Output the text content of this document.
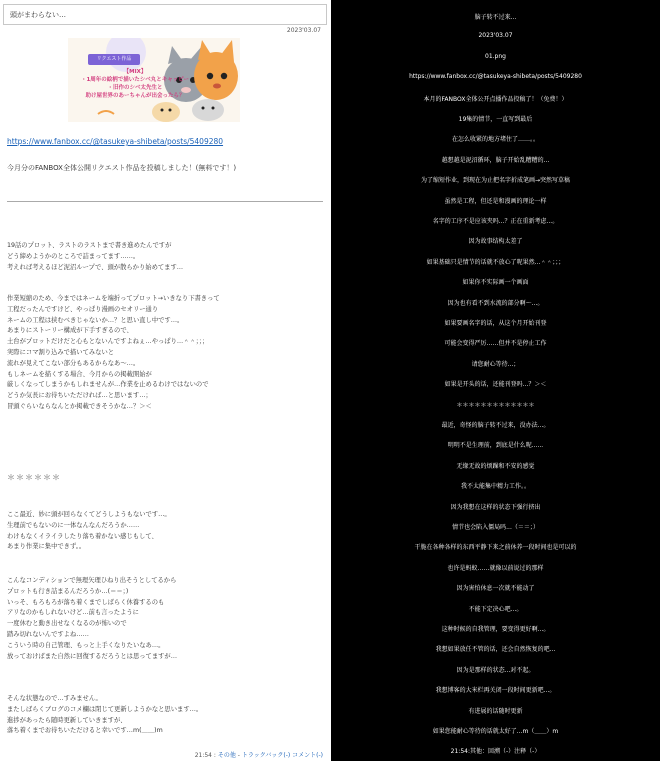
頭がまわらない…
2023'03.07
リクエスト作品
【MIX】
・1周年の絵柄で描いたシベ丸とキャッピー
・旧作のシベ太先生と
助け屋世界のあーちゃんが出会ったら？
https://www.fanbox.cc/@tasukeya-shibeta/posts/5409280
今月分のFANBOX全体公開リクエスト作品を投稿しました！(無料です！)
19話のプロット、ラストのラストまで書き進めたんですが
どう締めようかのところで詰まってます……。
考えれば考えるほど泥沼ループで、頭が散らかり始めてます…
作業短縮のため、今まではネームを端折ってプロット→いきなり下書きって
工程だったんですけど、やっぱり漫画のセオリー通り
ネームの工程は挟むべきじゃないか…？と思い直し中です…。
あまりにストーリー構成が下手すぎるので、
土台がプロットだけだと心もとないんですよねぇ…やっぱり…＾＾；；；
実際にコマ割り込みで描いてみないと
流れが見えてこない部分もあるからなあ〜…。
もしネームを描くする場合、今月からの掲載開始が
厳しくなってしまうかもしれませんが…作業を止めるわけではないので
どうか気長にお待ちいただければ…と思います…；
冒頭ぐらいならなんとか掲載できそうかな…？＞＜
＊＊＊＊＊＊
ここ最近、妙に頭が回らなくてどうしようもないです…。
生理前でもないのに一体なんなんだろうか……
わけもなくイライラしたり落ち着かない感じもして、
あまり作業に集中できず。。
こんなコンディションで無理矢理ひねり出そうとしてるから
プロットも行き詰まるんだろうか…(＝＝；)
いっそ、もろもろが落ち着くまでしばらく休養するのも
アリなのかもしれないけど…前も言ったように
一度休むと動き出せなくなるのが怖いので
踏み切れないんですよね……
こういう時の自己管理、もっと上手くなりたいなあ…。
放っておけばまた自然に回復するだろうとは思ってますが…
そんな状態なので…すみません。
またしばらくブログのコメ欄は閉じて更新しようかなと思います…。
進捗があったら随時更新していきますが、
落ち着くまでお待ちいただけると幸いです…m(＿＿)m
21:54 : その他 - トラックバック(-) コメント(-)
脑子转不过来...
2023'03.07
01.png
https://www.fanbox.cc/@tasukeya-shibeta/posts/5409280
本月的FANBOX全体公开点播作品投稿了！（免费！）
19集的情节，一直写到最后
在怎么收紧的地方堵住了……。。
越想越是泥沼循环，脑子开始乱糟糟的...
为了缩短作业，到现在为止把名字折成笔画→突然写草稿
虽然是工程，但还是和漫画的理论一样
名字的工序不是应该夹吗...？正在重新考虑...。
因为故事结构太差了
如果基础只是情节的话就不放心了呢果然...＾＾；；；
如果你不实际画一个画面
因为也有看不到水流的部分啊～...。
如果要画名字的话，从这个月开始刊登
可能会变得严厉……但并不是停止工作
请您耐心等待...；
如果是开头的话，还能刊登吗...？＞＜
＊＊＊＊＊＊＊＊＊＊＊＊＊
最近，奇怪的脑子转不过来，没办法...。
明明不是生理前，到底是什么呢......
无缘无故的烦躁和不安的感觉
我不太能集中精力工作。。
因为我想在这样的状态下强行挤出
情节也会陷入僵局吗...（＝＝；）
干脆在各种各样的东西平静下来之前休养一段时间也是可以的
也许是蚂蚁……就像以前说过的那样
因为害怕休息一次就不能动了
不能下定决心吧...。
这种时候的自我管理，要变得更好啊...。
我想如果放任不管的话，还会自然恢复的吧...
因为是那样的状态...对不起。
我想博客的大米栏再关闭一段时间更新吧...。
有进展的话随时更新
如果您能耐心等待的话就太好了...m（＿＿）m
21:54:其他：回溯（-）注释（-）
